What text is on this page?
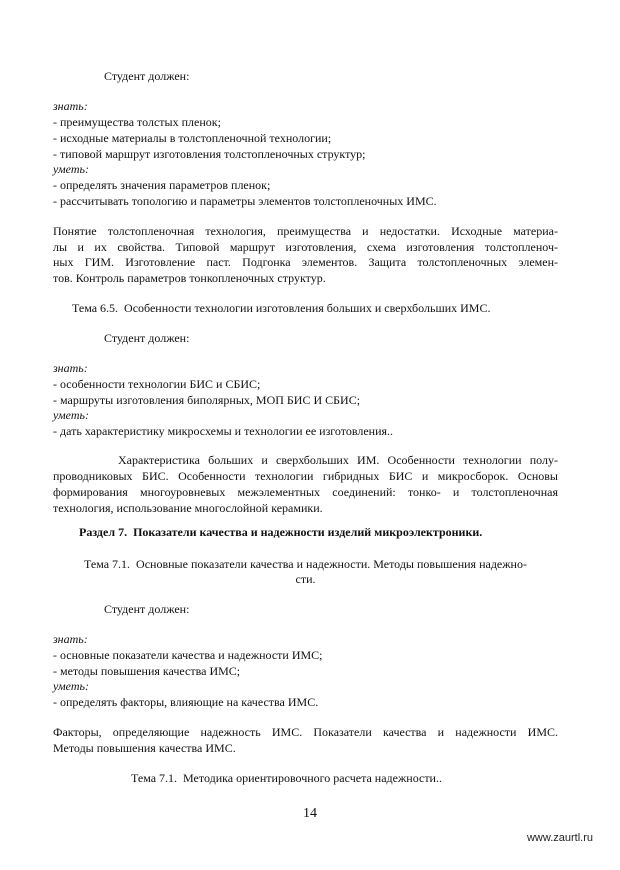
Студент должен:
знать:
- преимущества толстых пленок;
- исходные материалы в толстопленочной технологии;
- типовой маршрут изготовления толстопленочных структур;
уметь:
- определять значения параметров пленок;
- рассчитывать топологию и параметры элементов толстопленочных ИМС.
Понятие толстопленочная технология, преимущества и недостатки. Исходные материа-
лы и их свойства. Типовой маршрут изготовления, схема изготовления толстопленоч-
ных ГИМ. Изготовление паст. Подгонка элементов. Защита толстопленочных элемен-
тов. Контроль параметров тонкопленочных структур.
Тема 6.5.  Особенности технологии изготовления больших и сверхбольших ИМС.
Студент должен:
знать:
- особенности технологии БИС и СБИС;
- маршруты изготовления биполярных, МОП БИС И СБИС;
уметь:
- дать характеристику микросхемы и технологии ее изготовления..
Характеристика больших и сверхбольших ИМ. Особенности технологии полу-
проводниковых БИС. Особенности технологии гибридных БИС и микросборок. Основы
формирования многоуровневых межэлементных соединений: тонко- и толстопленочная
технология, использование многослойной керамики.
Раздел 7.  Показатели качества и надежности изделий микроэлектроники.
Тема 7.1.  Основные показатели качества и надежности. Методы повышения надежно-
сти.
Студент должен:
знать:
- основные показатели качества и надежности ИМС;
- методы повышения качества ИМС;
уметь:
- определять факторы, влияющие на качества ИМС.
Факторы, определяющие надежность ИМС. Показатели качества и надежности ИМС.
Методы повышения качества ИМС.
Тема 7.1.  Методика ориентировочного расчета надежности..
14
www.zaurtl.ru
